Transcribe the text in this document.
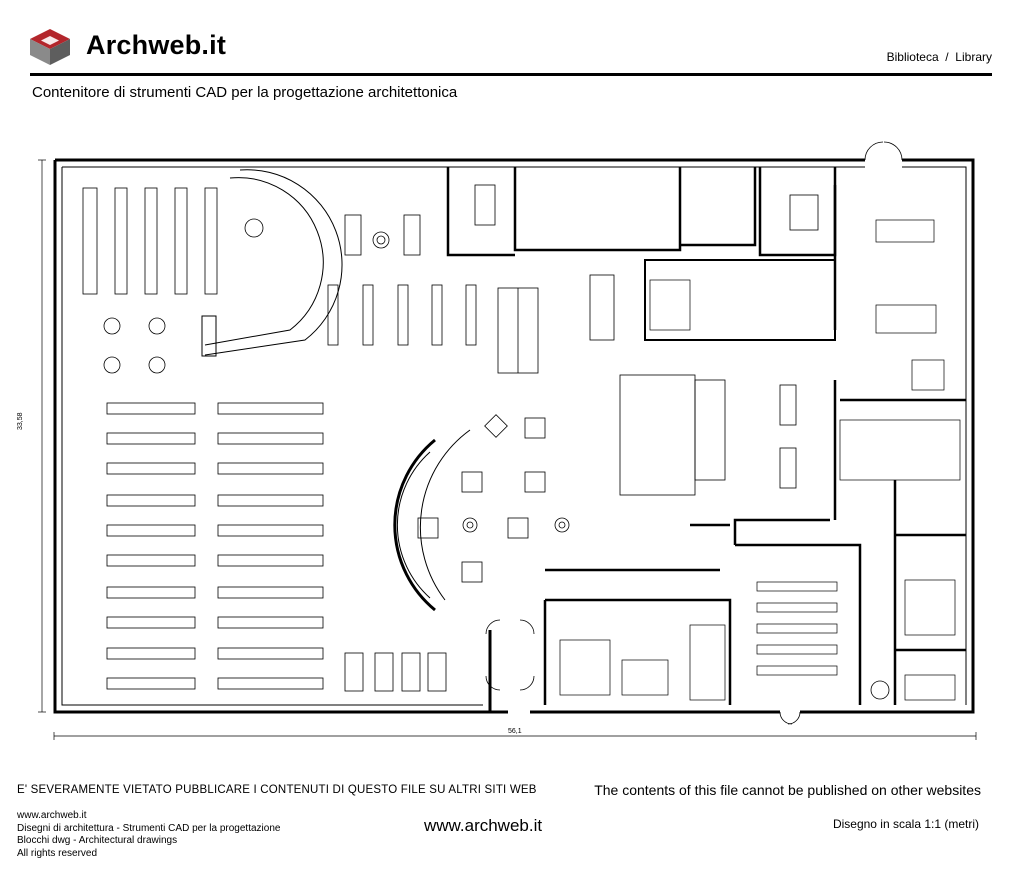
Archweb.it	Biblioteca  /  Library
Contenitore di strumenti CAD per la progettazione architettonica
33,58
56,1
E' SEVERAMENTE VIETATO PUBBLICARE I CONTENUTI DI QUESTO FILE SU ALTRI SITI WEB	The contents of this file cannot be published on other websites
www.archweb.it
Disegni di architettura - Strumenti CAD per la progettazione
Blocchi dwg - Architectural drawings
All rights reserved
www.archweb.it	Disegno in scala 1:1 (metri)
